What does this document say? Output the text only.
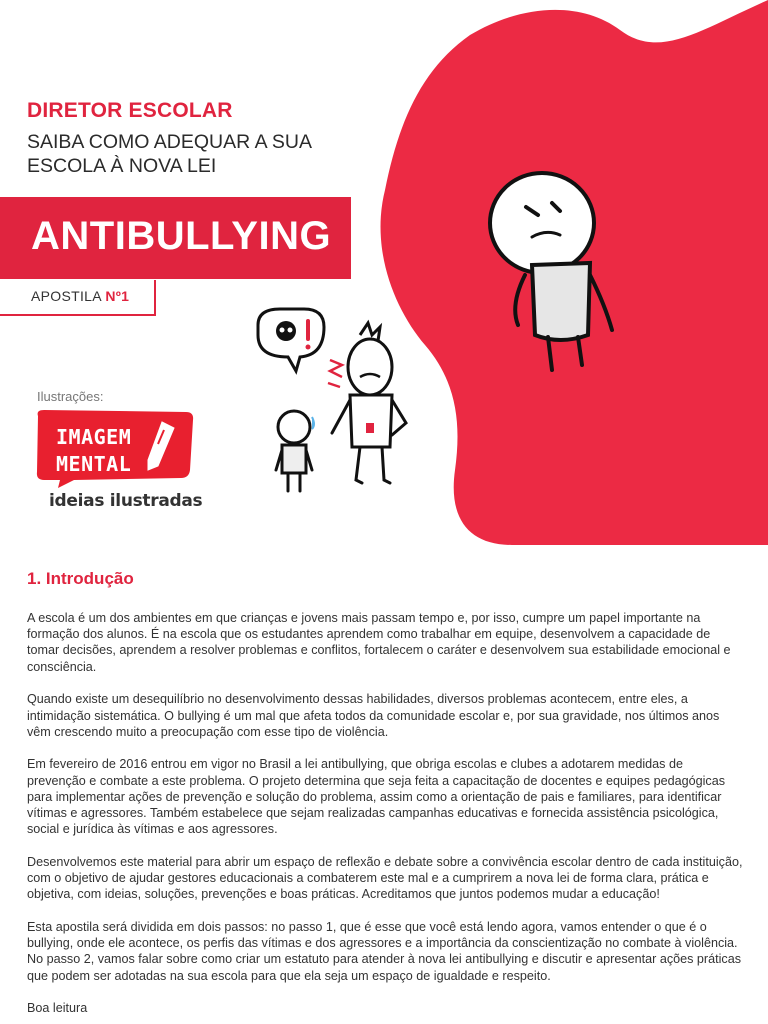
DIRETOR ESCOLAR
SAIBA COMO ADEQUAR A SUA ESCOLA À NOVA LEI
ANTIBULLYING
APOSTILA Nº1
Ilustrações:
IMAGEM
MENTAL
ideias ilustradas
1. Introdução

A escola é um dos ambientes em que crianças e jovens mais passam tempo e, por isso, cumpre um papel importante na formação dos alunos. É na escola que os estudantes aprendem como trabalhar em equipe, desenvolvem a capacidade de tomar decisões, aprendem a resolver problemas e conflitos, fortalecem o caráter e desenvolvem sua estabilidade emocional e consciência.

Quando existe um desequilíbrio no desenvolvimento dessas habilidades, diversos problemas acontecem, entre eles, a intimidação sistemática. O bullying é um mal que afeta todos da comunidade escolar e, por sua gravidade, nos últimos anos vêm crescendo muito a preocupação com esse tipo de violência.

Em fevereiro de 2016 entrou em vigor no Brasil a lei antibullying, que obriga escolas e clubes a adotarem medidas de prevenção e combate a este problema. O projeto determina que seja feita a capacitação de docentes e equipes pedagógicas para implementar ações de prevenção e solução do problema, assim como a orientação de pais e familiares, para identificar vítimas e agressores. Também estabelece que sejam realizadas campanhas educativas e fornecida assistência psicológica, social e jurídica às vítimas e aos agressores.

Desenvolvemos este material para abrir um espaço de reflexão e debate sobre a convivência escolar dentro de cada instituição, com o objetivo de ajudar gestores educacionais a combaterem este mal e a cumprirem a nova lei de forma clara, prática e objetiva, com ideias, soluções, prevenções e boas práticas. Acreditamos que juntos podemos mudar a educação!

Esta apostila será dividida em dois passos: no passo 1, que é esse que você está lendo agora, vamos entender o que é o bullying, onde ele acontece, os perfis das vítimas e dos agressores e a importância da conscientização no combate à violência. No passo 2, vamos falar sobre como criar um estatuto para atender à nova lei antibullying e discutir e apresentar ações práticas que podem ser adotadas na sua escola para que ela seja um espaço de igualdade e respeito.

Boa leitura
